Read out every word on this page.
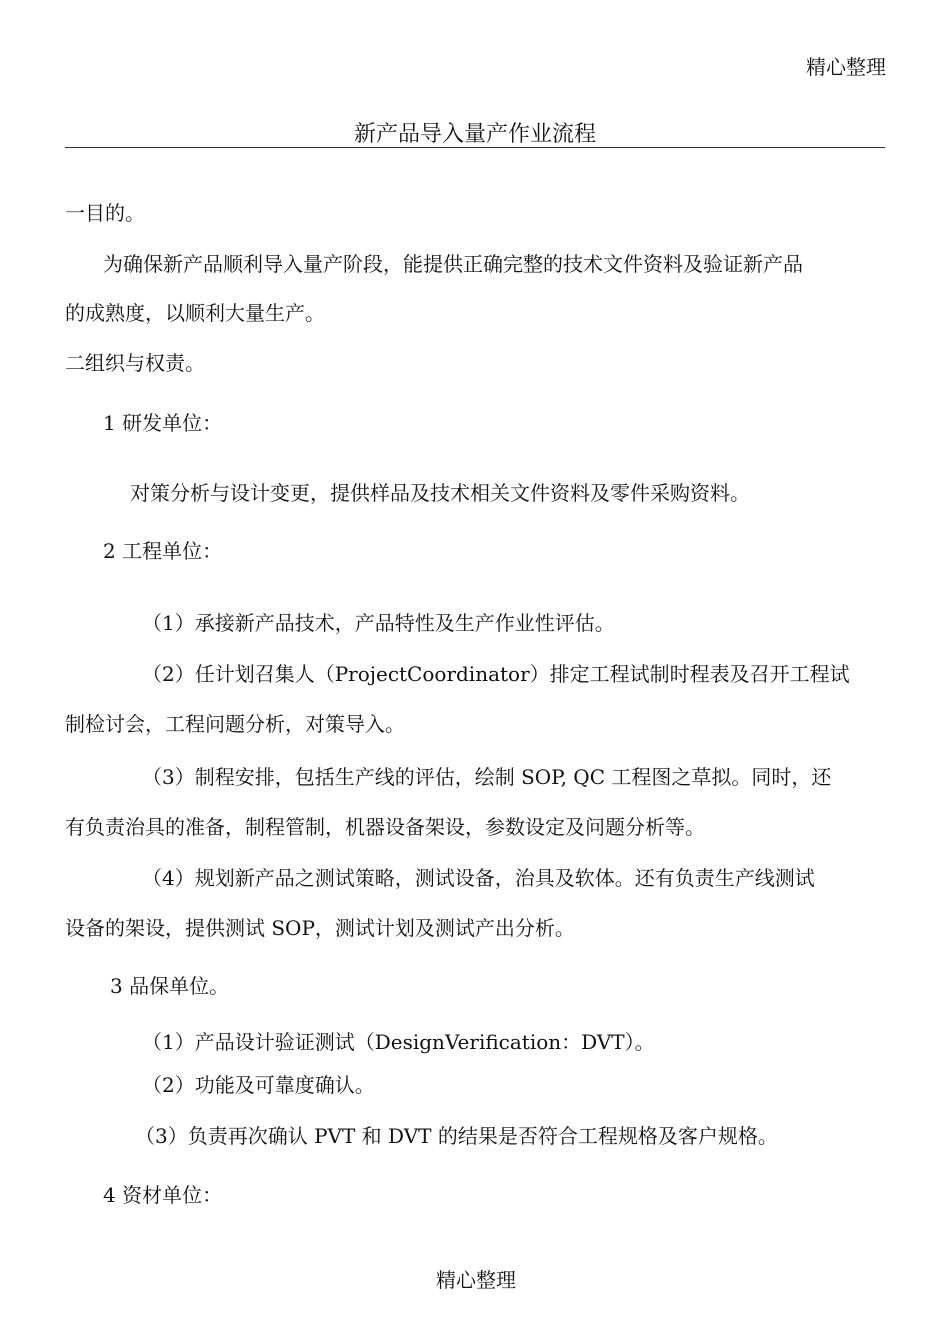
精心整理
新产品导入量产作业流程
一目的。
为确保新产品顺利导入量产阶段，能提供正确完整的技术文件资料及验证新产品
的成熟度，以顺利大量生产。
二组织与权责。
1 研发单位：
对策分析与设计变更，提供样品及技术相关文件资料及零件采购资料。
2 工程单位：
（1）承接新产品技术，产品特性及生产作业性评估。
（2）任计划召集人（ProjectCoordinator）排定工程试制时程表及召开工程试
制检讨会，工程问题分析，对策导入。
（3）制程安排，包括生产线的评估，绘制 SOP, QC 工程图之草拟。同时，还
有负责治具的准备，制程管制，机器设备架设，参数设定及问题分析等。
（4）规划新产品之测试策略，测试设备，治具及软体。还有负责生产线测试
设备的架设，提供测试 SOP，测试计划及测试产出分析。
3 品保单位。
（1）产品设计验证测试（DesignVerification：DVT）。
（2）功能及可靠度确认。
（3）负责再次确认 PVT 和 DVT 的结果是否符合工程规格及客户规格。
4 资材单位：
精心整理
